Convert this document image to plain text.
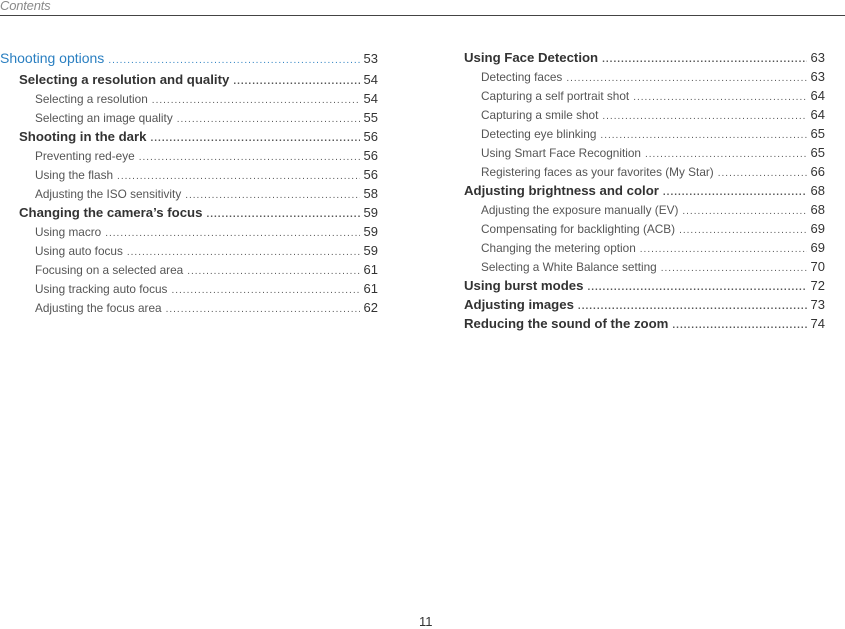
Contents
Shooting options .....	53
Selecting a resolution and quality .....	54
Selecting a resolution .....	54
Selecting an image quality .....	55
Shooting in the dark .....	56
Preventing red-eye .....	56
Using the flash .....	56
Adjusting the ISO sensitivity .....	58
Changing the camera’s focus .....	59
Using macro .....	59
Using auto focus .....	59
Focusing on a selected area .....	61
Using tracking auto focus .....	61
Adjusting the focus area .....	62
Using Face Detection .....	63
Detecting faces .....	63
Capturing a self portrait shot .....	64
Capturing a smile shot .....	64
Detecting eye blinking .....	65
Using Smart Face Recognition .....	65
Registering faces as your favorites (My Star) .....	66
Adjusting brightness and color .....	68
Adjusting the exposure manually (EV) .....	68
Compensating for backlighting (ACB) .....	69
Changing the metering option .....	69
Selecting a White Balance setting .....	70
Using burst modes .....	72
Adjusting images .....	73
Reducing the sound of the zoom .....	74
11
